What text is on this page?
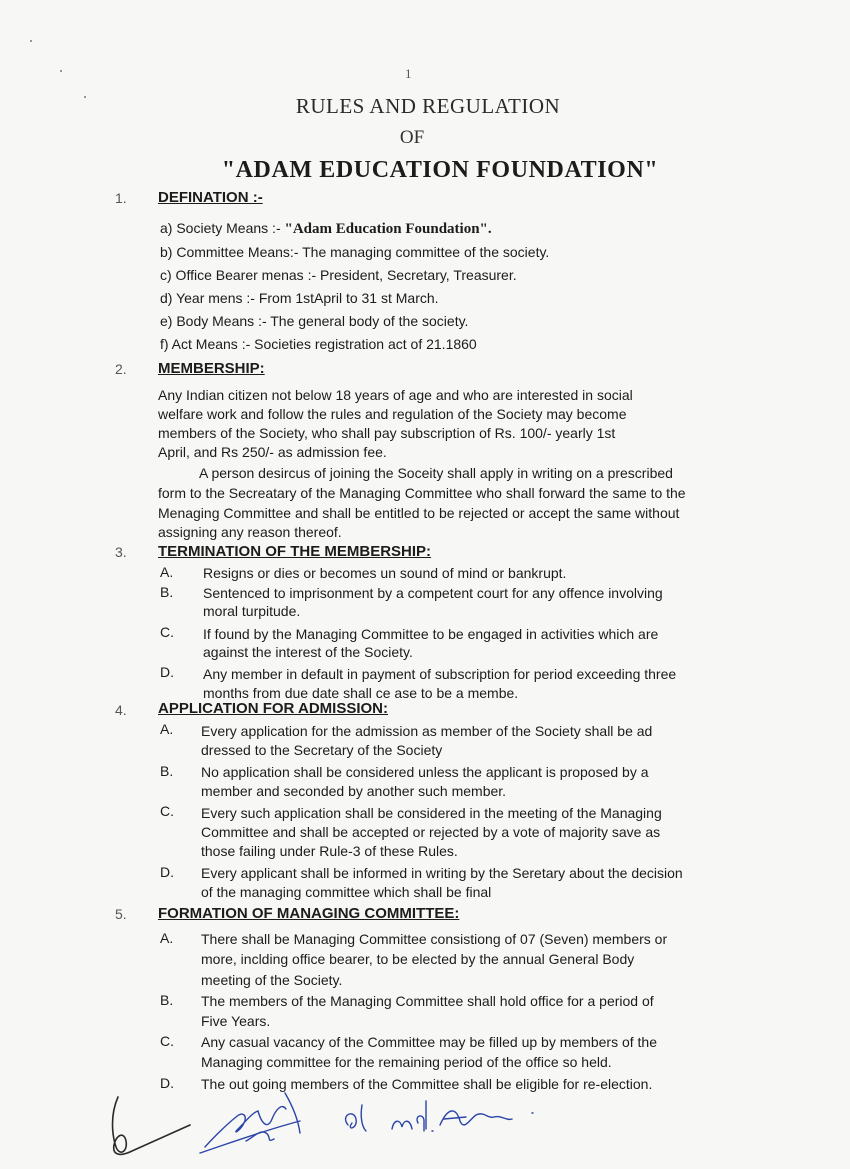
1
RULES AND REGULATION
OF
"ADAM EDUCATION FOUNDATION"
1. DEFINATION :-
a) Society Means :- "Adam Education Foundation".
b) Committee Means:- The managing committee of the society.
c) Office Bearer menas :- President, Secretary, Treasurer.
d) Year mens :- From 1stApril to 31 st March.
e) Body Means :- The general body of the society.
f) Act Means :- Societies registration act of 21.1860
2. MEMBERSHIP:
Any Indian citizen not below 18 years of age and who are interested in social
welfare work and follow the rules and regulation of the Society may become
members of the Society, who shall pay subscription of Rs. 100/- yearly 1st
April, and Rs 250/- as admission fee.
A person desircus of joining the Soceity shall apply in writing on a prescribed
form to the Secreatary of the Managing Committee who shall forward the same to the
Menaging Committee and shall be entitled to be rejected or accept the same without
assigning any reason thereof.
3. TERMINATION OF THE MEMBERSHIP:
A. Resigns or dies or becomes un sound of mind or bankrupt.
B. Sentenced to imprisonment by a competent court for any offence involving
moral turpitude.
C. If found by the Managing Committee to be engaged in activities which are
against the interest of the Society.
D. Any member in default in payment of subscription for period exceeding three
months from due date shall ce ase to be a membe.
4. APPLICATION FOR ADMISSION:
A. Every application for the admission as member of the Society shall be ad
dressed to the Secretary of the Society
B. No application shall be considered unless the applicant is proposed by a
member and seconded by another such member.
C. Every such application shall be considered in the meeting of the Managing
Committee and shall be accepted or rejected by a vote of majority save as
those failing under Rule-3 of these Rules.
D. Every applicant shall be informed in writing by the Seretary about the decision
of the managing committee which shall be final
5. FORMATION OF MANAGING COMMITTEE:
A. There shall be Managing Committee consistiong of 07 (Seven) members or
more, inclding office bearer, to be elected by the annual General Body
meeting of the Society.
B. The members of the Managing Committee shall hold office for a period of
Five Years.
C. Any casual vacancy of the Committee may be filled up by members of the
Managing committee for the remaining period of the office so held.
D. The out going members of the Committee shall be eligible for re-election.
